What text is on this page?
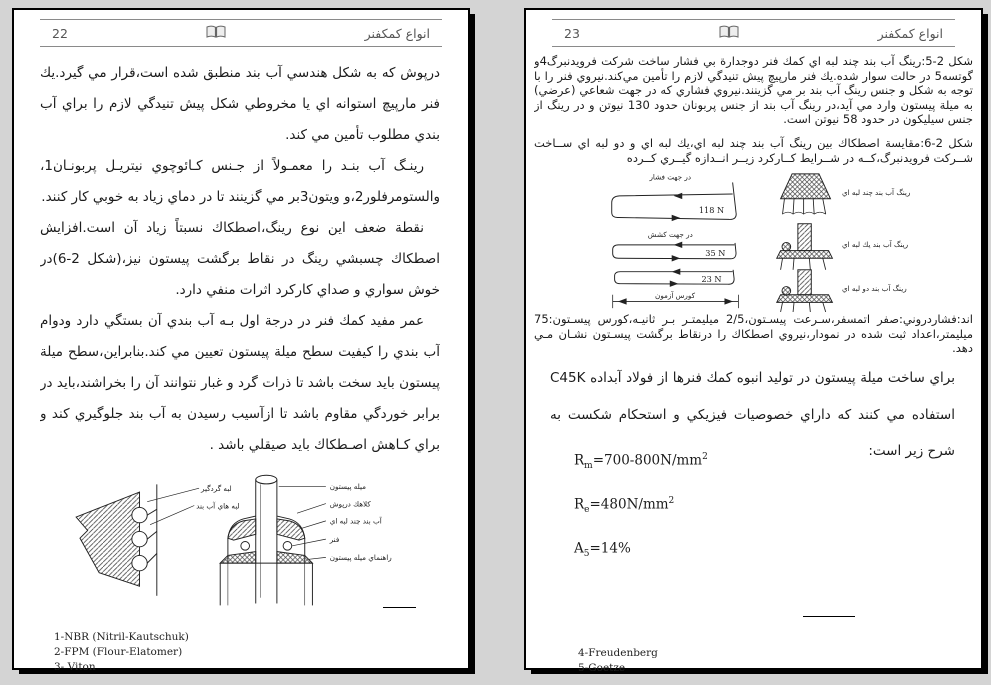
22	انواع كمكفنر

درپوش كه به شكل هندسي آب بند منطبق شده است،قرار مي گيرد.يك فنر مارپيچ استوانه اي يا مخروطي شكل پيش تنيدگي لازم را براي آب بندي مطلوب تأمين مي كند.

رينـگ آب بنـد را معمـولاً از جـنس كـائوچوي نيتريـل پربونـان1، والستومرفلور2،و ويتون3بر مي گزينند تا در دماي زياد به خوبي كار كنند.

نقطة ضعف اين نوع رينگ،اصطكاك نسبتاً زياد آن است.افزايش اصطكاك چسبشي رينگ در نقاط برگشت پيستون نيز،(شكل 2-6)در خوش سواري و صداي كاركرد اثرات منفي دارد.

عمر مفيد كمك فنر در درجة اول بـه آب بندي آن بستگي دارد ودوام آب بندي را كيفيت سطح ميلة پيستون تعيين مي كند.بنابراين،سطح ميلة پيستون بايد سخت باشد تا ذرات گرد و غبار نتوانند آن را بخراشند،بايد در برابر خوردگي مقاوم باشد تا ازآسيب رسيدن به آب بند جلوگيري كند و براي كـاهش اصـطكاك بايد صيقلي باشد .

لبه گردگير
لبه هاي آب بند
ميله پيستون
كلاهك درپوش
آب بند چند لبه اي
فنر
راهنماي ميله پيستون
1-NBR (Nitril-Kautschuk)
2-FPM (Flour-Elatomer)
3- Viton
23	انواع كمكفنر
شكل 2-5:رينگ آب بند چند لبه اي كمك فنر دوجدارة بي فشار ساخت شركت فرويدنبرگ4و گوتسه5 در حالت سوار شده.يك فنر مارپيچ پيش تنيدگي لازم را تأمين مي‌كند.نيروي فنر را با توجه به شكل و جنس رينگ آب بند بر مي گزينند.نيروي فشاري كه در جهت شعاعي (عرضي) به ميلة پيستون وارد مي آيد،در رينگ آب بند از جنس پربونان حدود 130 نيوتن و در رينگ از جنس سيليكون در حدود 58 نيوتن است.
شكل 2-6:مقايسة اصطكاك بين رينگ آب بند چند لبه اي،يك لبه اي و دو لبه اي ســاخت شــركت فرويدنبرگ،كــه در شــرايط كــاركرد زيــر انــدازه گيــري كــرده
در جهت فشار
118 N
در جهت كشش
35 N
23 N
كورس آزمون
رينگ آب بند چند لبه اي
رينگ آب بند يك لبه اي
رينگ آب بند دو لبه اي
اند:فشاردروني:صفر اتمسفر،سـرعت پيسـتون،2/5 ميليمتـر بـر ثانيـه،كورس پيسـتون:75 ميليمتر،اعداد ثبت شده در نمودار،نيروي اصطكاك را درنقاط برگشت پيسـتون نشـان مـي دهد.
براي ساخت ميلة پيستون در توليد انبوه كمك فنرها از فولاد آبداده C45K استفاده مي كنند كه داراي خصوصيات فيزيكي و استحكام شكست به شرح زير است:
$R_m=700-800N/mm^2$
$R_e=480N/mm^2$
$A_5=14\%$
4-Freudenberg
5-Goetze
